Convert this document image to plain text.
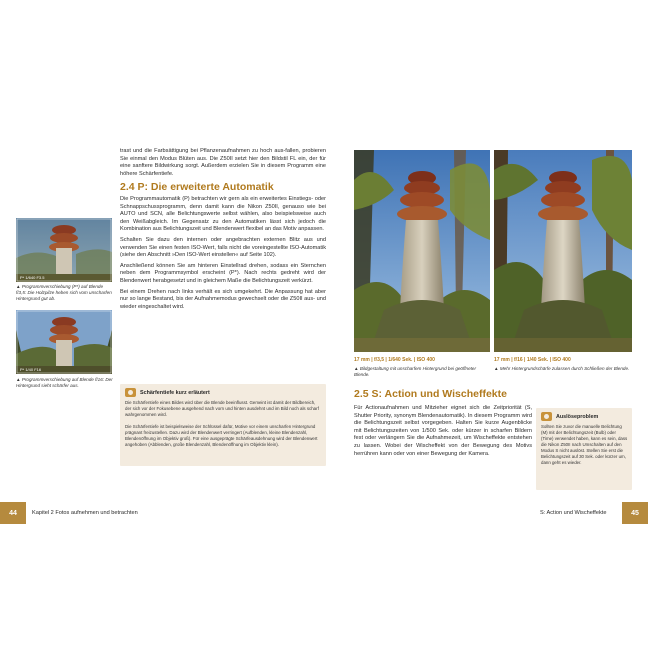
P* 1/640 F3.5
▲ Programmverschiebung (P*) auf Blende f/3,5: Die Holzpilze heben sich vom unscharfen Hintergrund gut ab.
P* 1/40 F16
▲ Programmverschiebung auf Blende f/16: Der Hintergrund sieht schärfer aus.

trast und die Farbsättigung bei Pflanzenaufnahmen zu hoch aus-fallen, probieren Sie einmal den Modus Blüten aus. Die Z50II setzt hier den Bildstil FL ein, der für eine sanftere Bildwirkung sorgt. Außerdem erzielen Sie in diesem Programm eine höhere Schärfentiefe.

2.4 P: Die erweiterte Automatik

Die Programmautomatik (P) betrachten wir gern als ein erweitertes Einstiegs- oder Schnappschussprogramm, denn damit kann die Nikon Z50II, genauso wie bei AUTO und SCN, alle Belichtungswerte selbst wählen, also beispielsweise auch den Weißabgleich. Im Gegensatz zu den Automatiken lässt sich jedoch die Kombination aus Belichtungszeit und Blendenwert flexibel an das Motiv anpassen.

Schalten Sie dazu den internen oder angebrachten externen Blitz aus und verwenden Sie einen festen ISO-Wert, falls nicht die voreingestellte ISO-Automatik (siehe den Abschnitt »Den ISO-Wert einstellen« auf Seite 102).

Anschließend können Sie am hinteren Einstellrad drehen, sodass ein Sternchen neben dem Programmsymbol erscheint (P*). Nach rechts gedreht wird der Blendenwert herabgesetzt und in gleichem Maße die Belichtungszeit verkürzt.

Bei einem Drehen nach links verhält es sich umgekehrt. Die Anpassung hat aber nur so lange Bestand, bis der Aufnahmemodus gewechselt oder die Z50II aus- und wieder eingeschaltet wird.

Schärfentiefe kurz erläutert
Die Schärfentiefe eines Bildes wird über die Blende beeinflusst. Gemeint ist damit der Bildbereich, der sich vor der Fokusebene ausgehend nach vorn und hinten ausdehnt und im Bild noch als scharf wahrgenommen wird.
Die Schärfentiefe ist beispielsweise der Schlüssel dafür, Motive vor einem unscharfen Hintergrund prägnant freizustellen. Dazu wird der Blendenwert verringert (Aufblenden, kleine Blendenzahl, Blendenöffnung im Objektiv groß). Für eine ausgeprägte Schärfeausdehnung wird der Blendenwert angehoben (Abblenden, große Blendenzahl, Blendenöffnung im Objektiv klein).
17 mm | f/3,5 | 1/640 Sek. | ISO 400
▲ Bildgestaltung mit unscharfem Hintergrund bei geöffneter Blende.
17 mm | f/16 | 1/40 Sek. | ISO 400
▲ Mehr Hintergrundschärfe zulassen durch Schließen der Blende.
2.5 S: Action und Wischeffekte
Für Actionaufnahmen und Mitzieher eignet sich die Zeitpriorität (S, Shutter Priority, synonym Blendenautomatik). In diesem Programm wird die Belichtungszeit selbst vorgegeben. Halten Sie kurze Augenblicke mit Belichtungszeiten von 1/500 Sek. oder kürzer in scharfen Bildern fest oder verlängern Sie die Aufnahmezeit, um Wischeffekte entstehen zu lassen. Wobei der Wischeffekt von der Bewegung des Motivs herrühren kann oder von einer Bewegung der Kamera.
Auslöseproblem
Sollten Sie zuvor die manuelle Belichtung (M) mit der Belichtungszeit (Bulb) oder (Time) verwendet haben, kann es sein, dass die Nikon Z50II nach Umschalten auf den Modus S nicht auslöst. Stellen Sie erst die Belichtungszeit auf 30 Sek. oder kürzer um, dann geht es wieder.
44	Kapitel 2 Fotos aufnehmen und betrachten	S: Action und Wischeffekte	45
